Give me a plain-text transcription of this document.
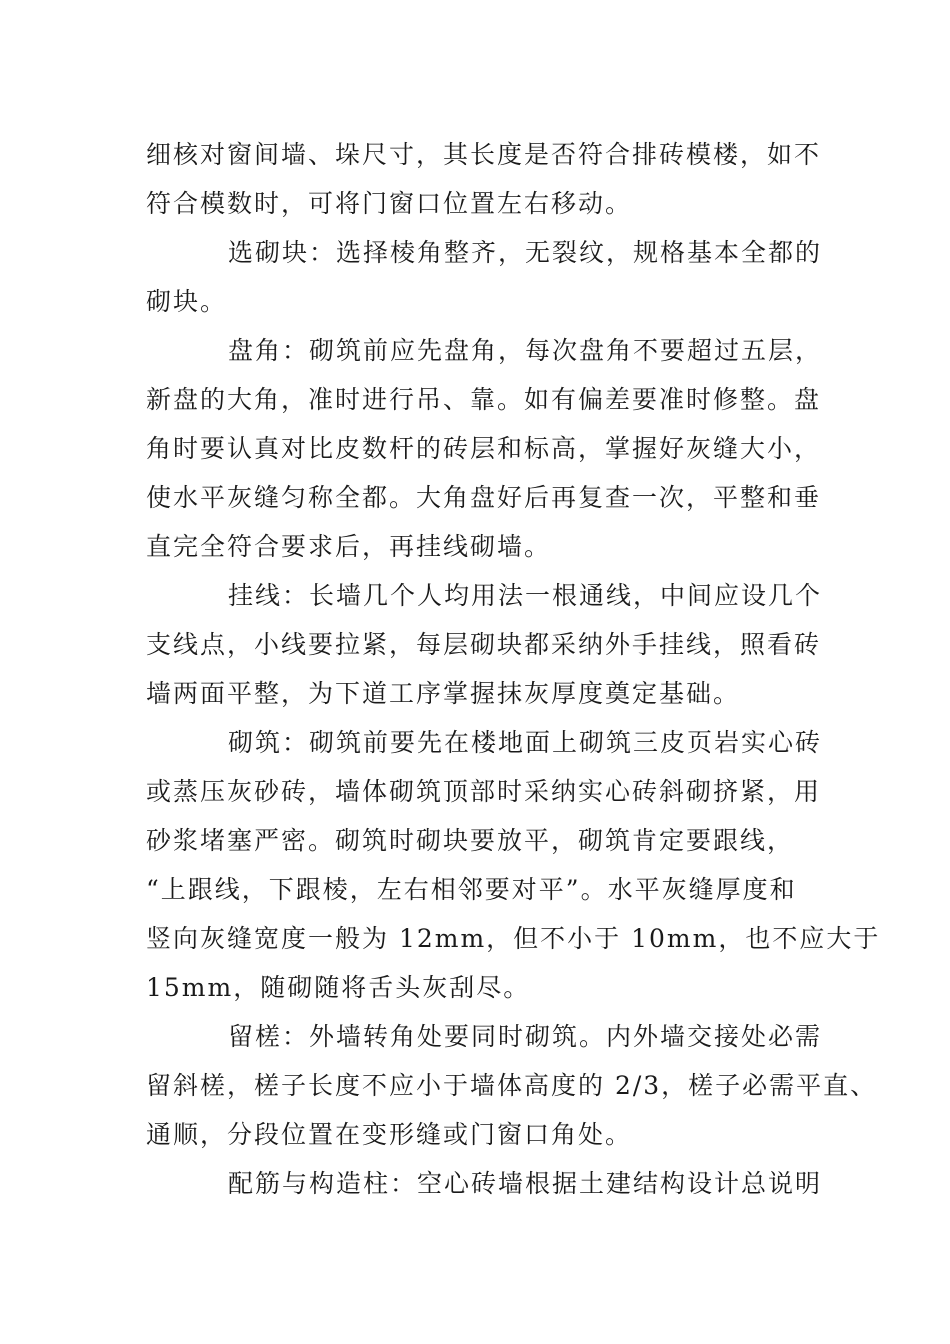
细核对窗间墙、垛尺寸，其长度是否符合排砖模楼，如不
符合模数时，可将门窗口位置左右移动。
选砌块：选择棱角整齐，无裂纹，规格基本全都的
砌块。
盘角：砌筑前应先盘角，每次盘角不要超过五层，
新盘的大角，准时进行吊、靠。如有偏差要准时修整。盘
角时要认真对比皮数杆的砖层和标高，掌握好灰缝大小，
使水平灰缝匀称全都。大角盘好后再复查一次，平整和垂
直完全符合要求后，再挂线砌墙。
挂线：长墙几个人均用法一根通线，中间应设几个
支线点，小线要拉紧，每层砌块都采纳外手挂线，照看砖
墙两面平整，为下道工序掌握抹灰厚度奠定基础。
砌筑：砌筑前要先在楼地面上砌筑三皮页岩实心砖
或蒸压灰砂砖，墙体砌筑顶部时采纳实心砖斜砌挤紧，用
砂浆堵塞严密。砌筑时砌块要放平，砌筑肯定要跟线，
“上跟线，下跟棱，左右相邻要对平”。水平灰缝厚度和
竖向灰缝宽度一般为 12mm，但不小于 10mm，也不应大于
15mm，随砌随将舌头灰刮尽。
留槎：外墙转角处要同时砌筑。内外墙交接处必需
留斜槎，槎子长度不应小于墙体高度的 2/3，槎子必需平直、
通顺，分段位置在变形缝或门窗口角处。
配筋与构造柱：空心砖墙根据土建结构设计总说明
